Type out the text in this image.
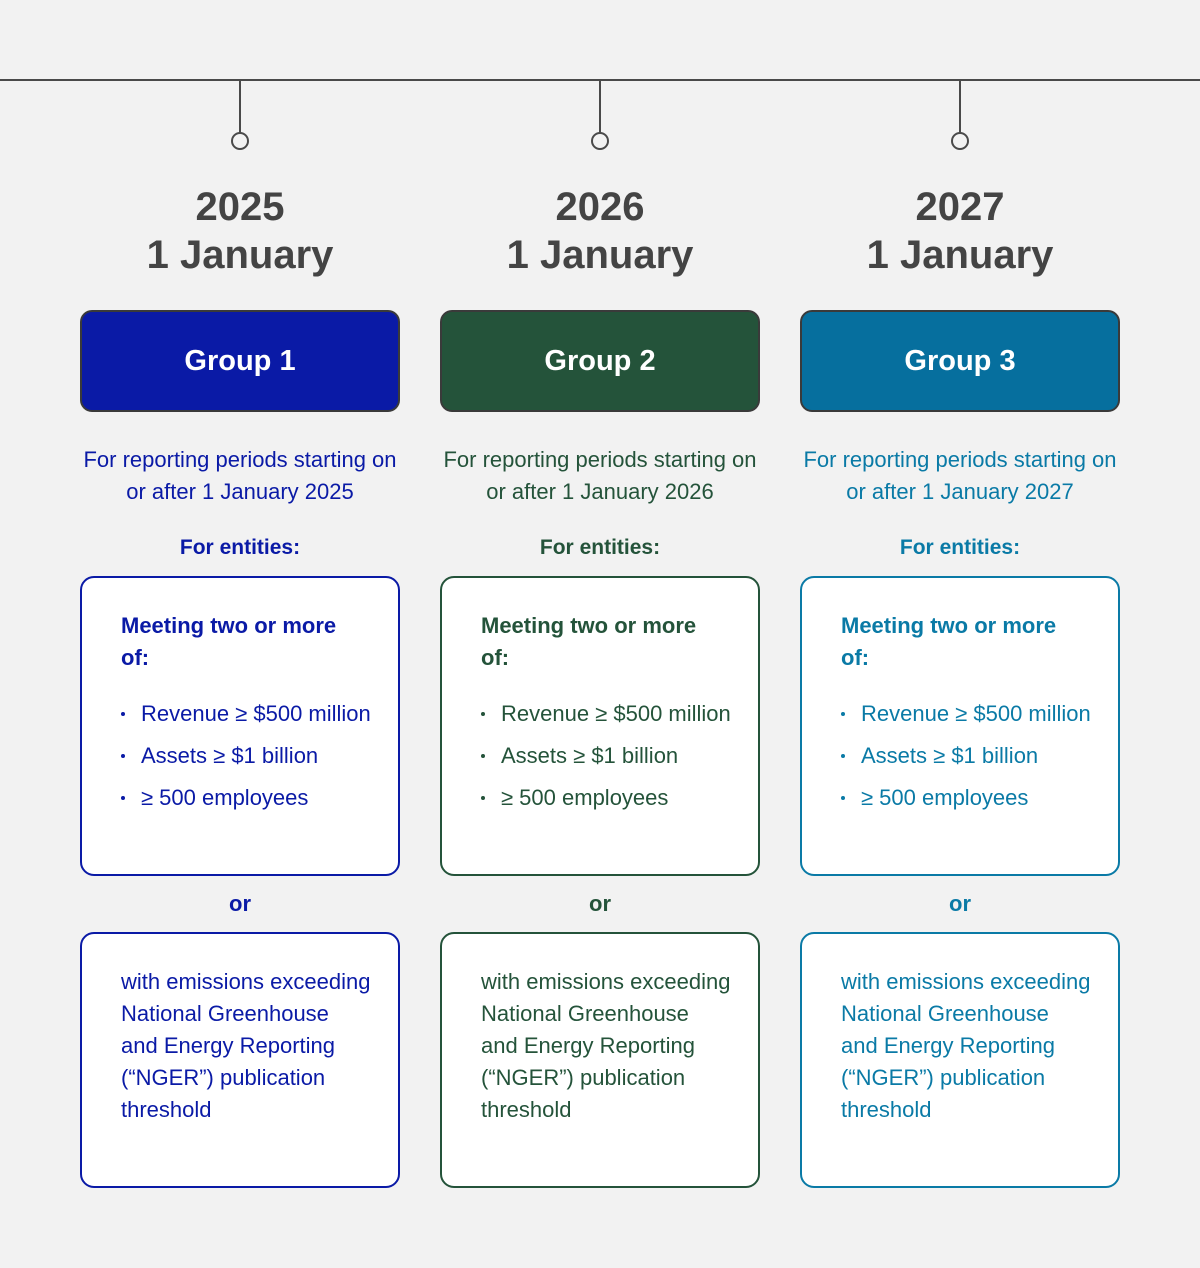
2025
1 January
Group 1
For reporting periods starting on or after 1 January 2025
For entities:
Meeting two or more of:
Revenue ≥ $500 million
Assets ≥ $1 billion
≥ 500 employees
or
with emissions exceeding National Greenhouse and Energy Reporting (“NGER”) publication threshold
2026
1 January
Group 2
For reporting periods starting on or after 1 January 2026
For entities:
Meeting two or more of:
Revenue ≥ $500 million
Assets ≥ $1 billion
≥ 500 employees
or
with emissions exceeding National Greenhouse and Energy Reporting (“NGER”) publication threshold
2027
1 January
Group 3
For reporting periods starting on or after 1 January 2027
For entities:
Meeting two or more of:
Revenue ≥ $500 million
Assets ≥ $1 billion
≥ 500 employees
or
with emissions exceeding National Greenhouse and Energy Reporting (“NGER”) publication threshold
